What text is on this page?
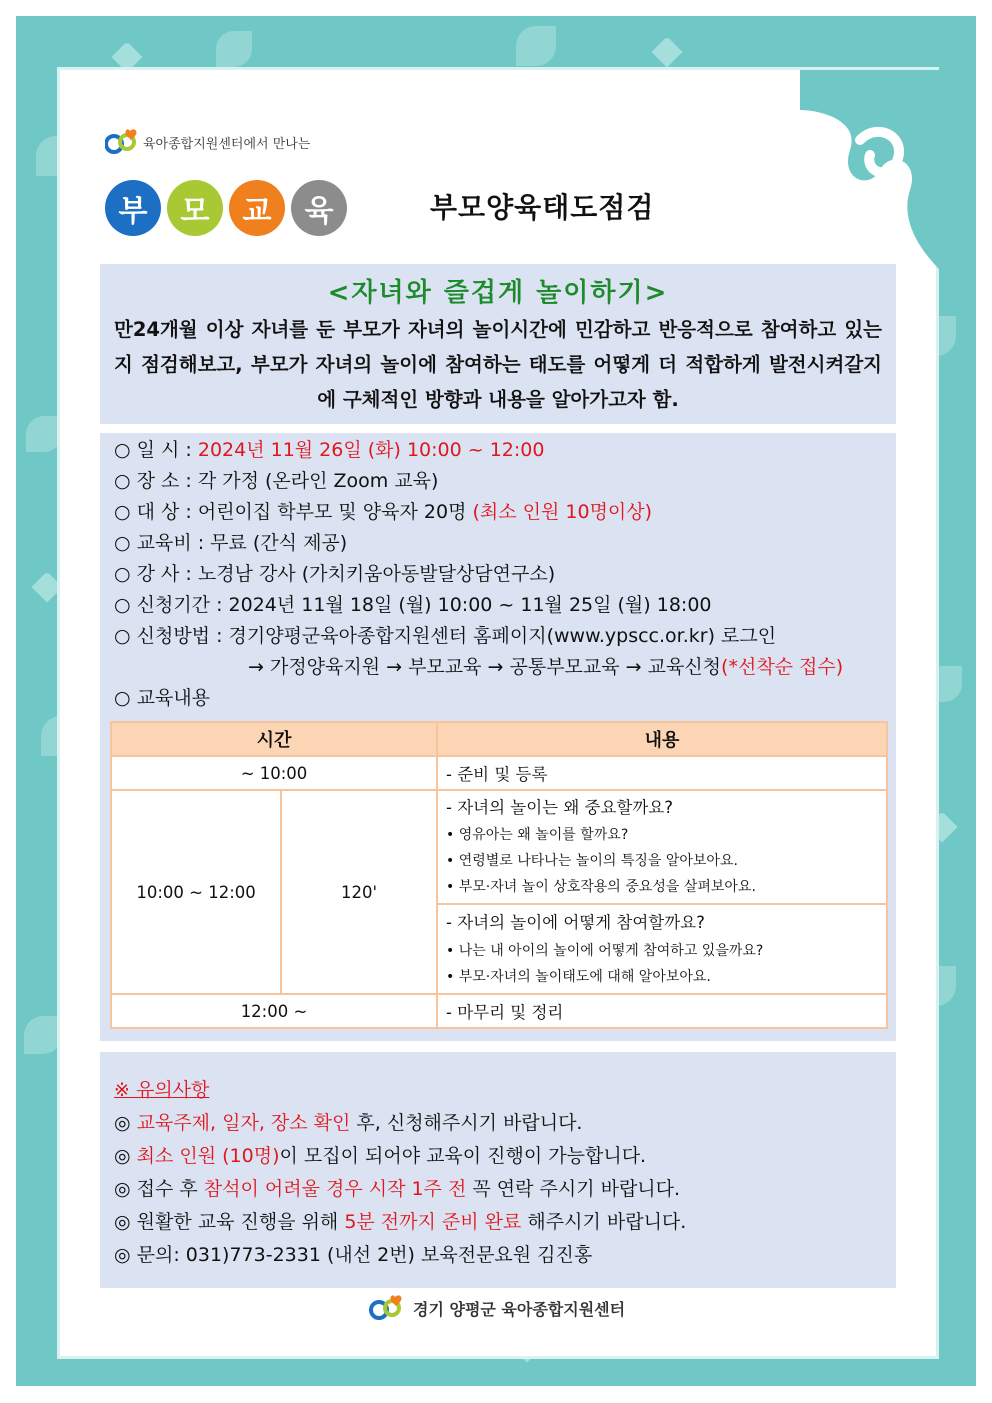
육아종합지원센터에서 만나는
부	모	교	육	부모양육태도점검
<자녀와 즐겁게 놀이하기>
만24개월 이상 자녀를 둔 부모가 자녀의 놀이시간에 민감하고 반응적으로 참여하고 있는지 점검해보고, 부모가 자녀의 놀이에 참여하는 태도를 어떻게 더 적합하게 발전시켜갈지에 구체적인 방향과 내용을 알아가고자 함.
○ 일 시 : 2024년 11월 26일 (화) 10:00 ~ 12:00
○ 장 소 : 각 가정 (온라인 Zoom 교육)
○ 대 상 : 어린이집 학부모 및 양육자 20명 (최소 인원 10명이상)
○ 교육비 : 무료 (간식 제공)
○ 강 사 : 노경남 강사 (가치키움아동발달상담연구소)
○ 신청기간 : 2024년 11월 18일 (월) 10:00 ~ 11월 25일 (월) 18:00
○ 신청방법 : 경기양평군육아종합지원센터 홈페이지(www.ypscc.or.kr) 로그인
→ 가정양육지원 → 부모교육 → 공통부모교육 → 교육신청(*선착순 접수)
○ 교육내용
시간		내용
~ 10:00		- 준비 및 등록
10:00 ~ 12:00	120'	- 자녀의 놀이는 왜 중요할까요?
• 영유아는 왜 놀이를 할까요?
• 연령별로 나타나는 놀이의 특징을 알아보아요.
• 부모·자녀 놀이 상호작용의 중요성을 살펴보아요.

		- 자녀의 놀이에 어떻게 참여할까요?
• 나는 내 아이의 놀이에 어떻게 참여하고 있을까요?
• 부모·자녀의 놀이태도에 대해 알아보아요.

12:00 ~		- 마무리 및 정리
※ 유의사항
◎ 교육주제, 일자, 장소 확인 후, 신청해주시기 바랍니다.
◎ 최소 인원 (10명)이 모집이 되어야 교육이 진행이 가능합니다.
◎ 접수 후 참석이 어려울 경우 시작 1주 전 꼭 연락 주시기 바랍니다.
◎ 원활한 교육 진행을 위해 5분 전까지 준비 완료 해주시기 바랍니다.
◎ 문의: 031)773-2331 (내선 2번) 보육전문요원 김진홍
경기 양평군 육아종합지원센터
